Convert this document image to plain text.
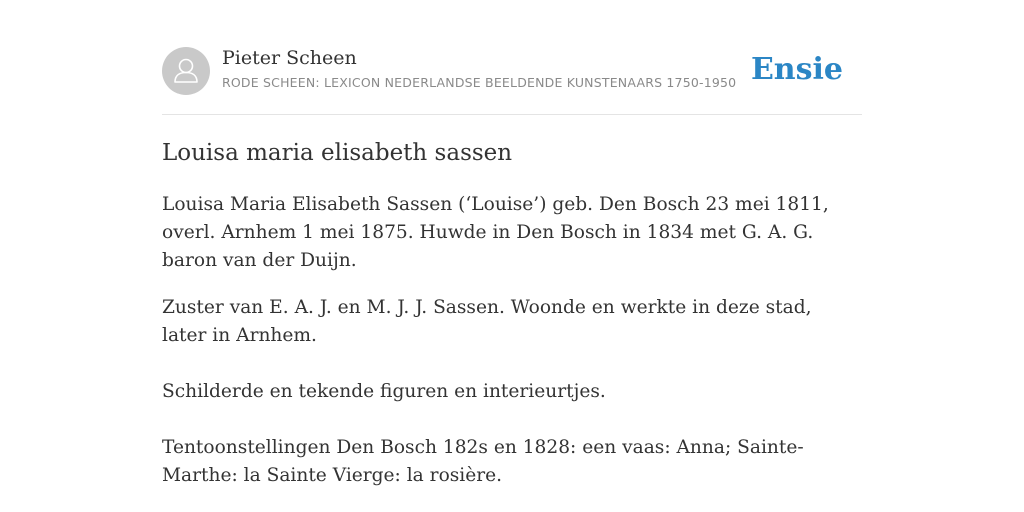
Pieter Scheen
RODE SCHEEN: LEXICON NEDERLANDSE BEELDENDE KUNSTENAARS 1750-1950 Ensie
Louisa maria elisabeth sassen

Louisa Maria Elisabeth Sassen (‘Louise’) geb. Den Bosch 23 mei 1811, overl. Arnhem 1 mei 1875. Huwde in Den Bosch in 1834 met G. A. G. baron van der Duijn.

Zuster van E. A. J. en M. J. J. Sassen. Woonde en werkte in deze stad, later in Arnhem.

Schilderde en tekende figuren en interieurtjes.

Tentoonstellingen Den Bosch 182s en 1828: een vaas: Anna; Sainte-Marthe: la Sainte Vierge: la rosière.
